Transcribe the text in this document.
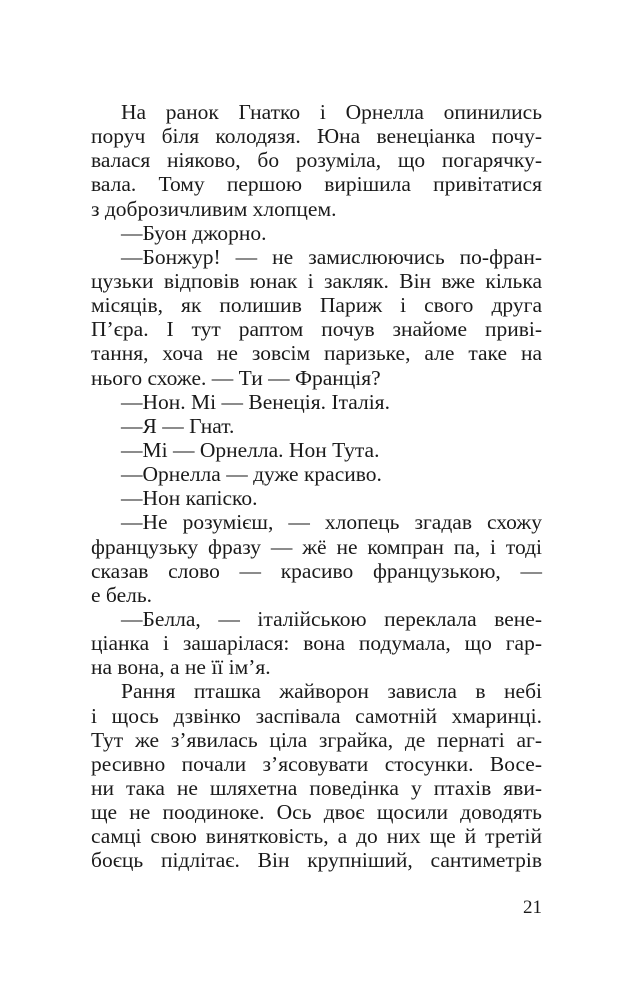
На ранок Гнатко і Орнелла опинились
поруч біля колодязя. Юна венеціанка почу-
валася ніяково, бо розуміла, що погарячку-
вала. Тому першою вирішила привітатися
з доброзичливим хлопцем.
—Буон джорно.
—Бонжур! — не замислюючись по-фран-
цузьки відповів юнак і закляк. Він вже кілька
місяців, як полишив Париж і свого друга
П’єра. І тут раптом почув знайоме приві-
тання, хоча не зовсім паризьке, але таке на
нього схоже. — Ти — Франція?
—Нон. Мі — Венеція. Італія.
—Я — Гнат.
—Мі — Орнелла. Нон Тута.
—Орнелла — дуже красиво.
—Нон капіско.
—Не розумієш, — хлопець згадав схожу
французьку фразу — жё не компран па, і тоді
сказав слово — красиво французькою, —
е бель.
—Белла, — італійською переклала вене-
ціанка і зашарілася: вона подумала, що гар-
на вона, а не її ім’я.
Рання пташка жайворон зависла в небі
і щось дзвінко заспівала самотній хмаринці.
Тут же з’явилась ціла зграйка, де пернаті аг-
ресивно почали з’ясовувати стосунки. Восе-
ни така не шляхетна поведінка у птахів яви-
ще не поодиноке. Ось двоє щосили доводять
самці свою винятковість, а до них ще й третій
боєць підлітає. Він крупніший, сантиметрів
21
